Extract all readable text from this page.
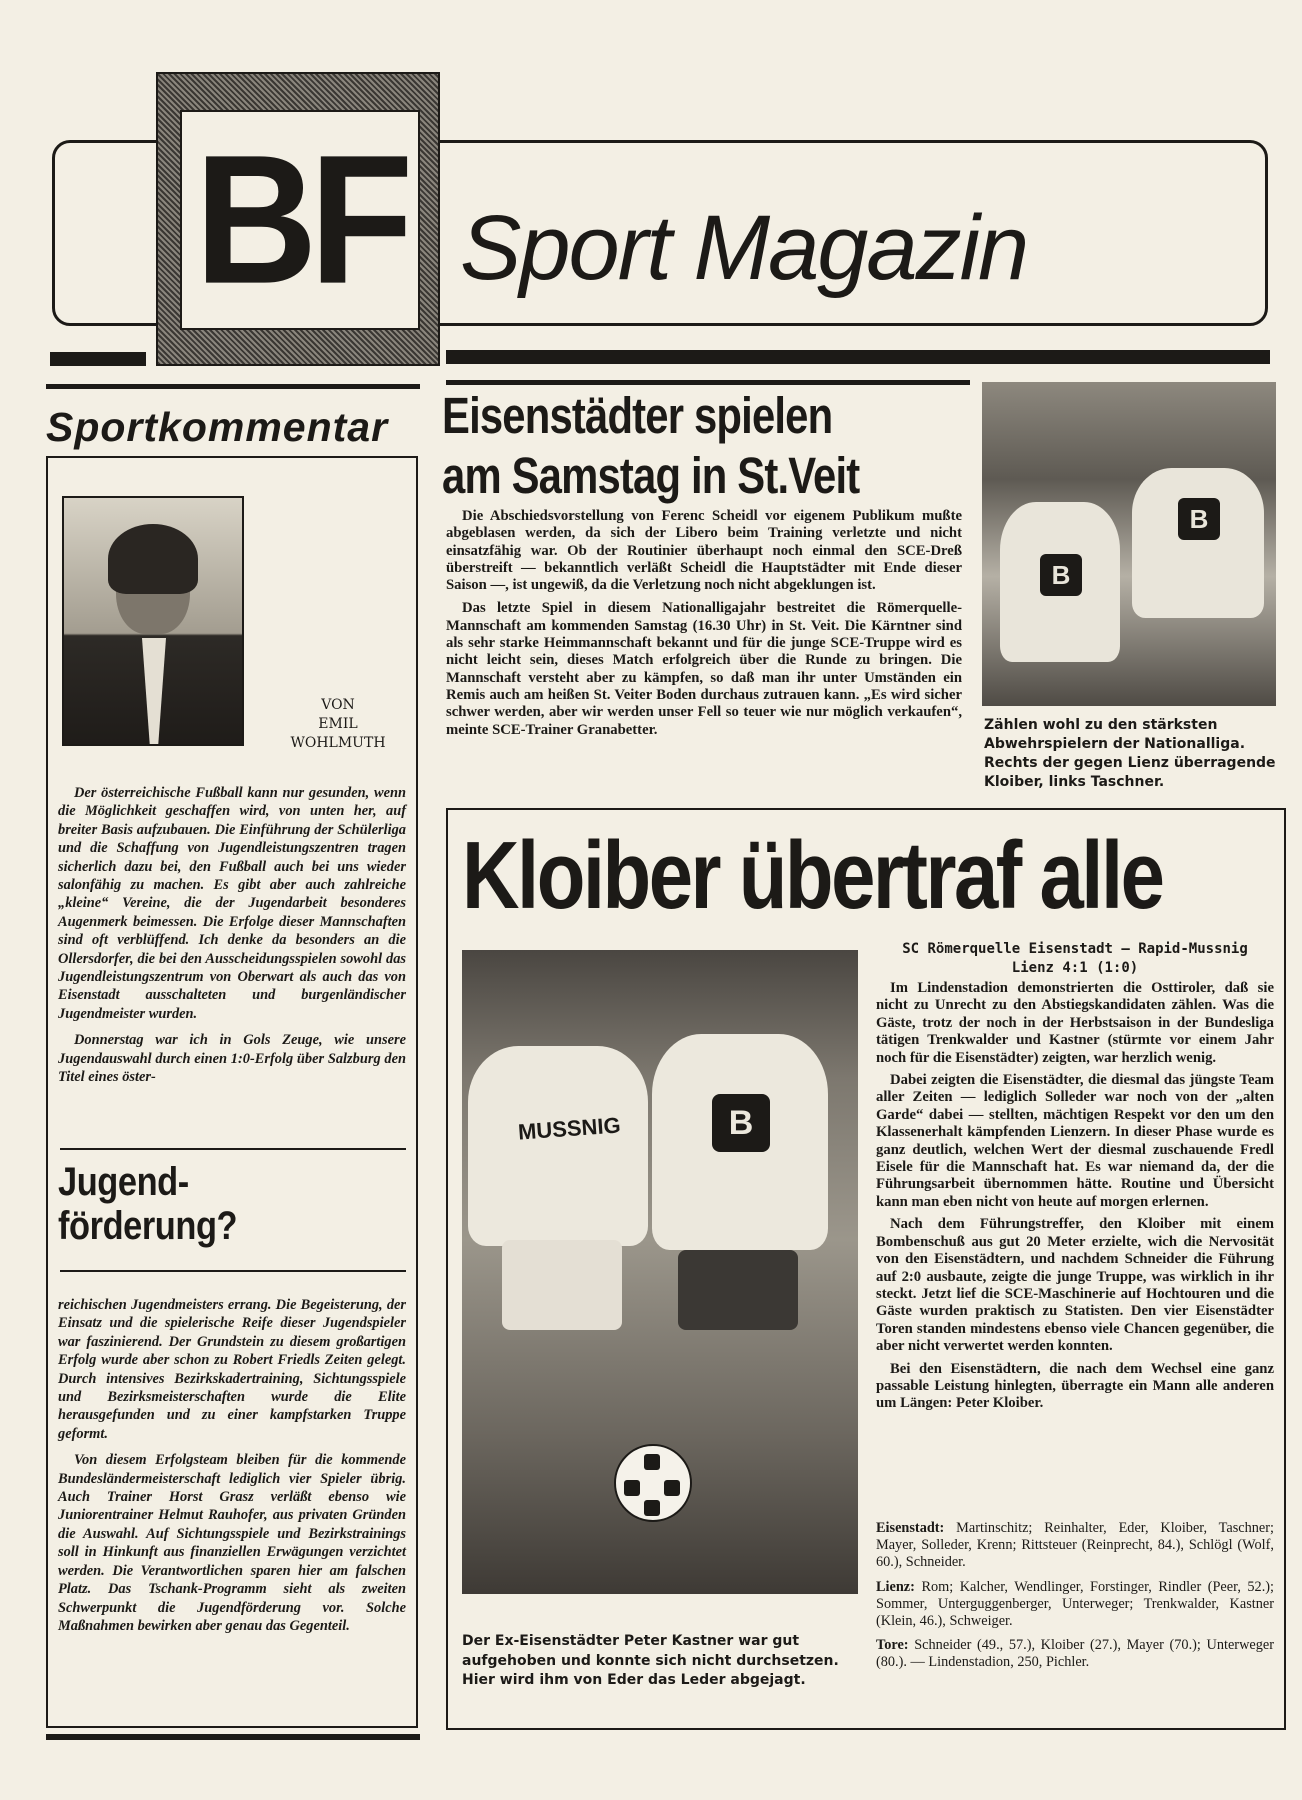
BF Sport Magazin
Sportkommentar
VON
EMIL
WOHLMUTH

Der österreichische Fußball kann nur gesunden, wenn die Möglichkeit geschaffen wird, von unten her, auf breiter Basis aufzubauen. Die Einführung der Schülerliga und die Schaffung von Jugendleistungszentren tragen sicherlich dazu bei, den Fußball auch bei uns wieder salonfähig zu machen. Es gibt aber auch zahlreiche „kleine“ Vereine, die der Jugendarbeit besonderes Augenmerk beimessen. Die Erfolge dieser Mannschaften sind oft verblüffend. Ich denke da besonders an die Ollersdorfer, die bei den Ausscheidungsspielen sowohl das Jugendleistungszentrum von Oberwart als auch das von Eisenstadt ausschalteten und burgenländischer Jugendmeister wurden.

Donnerstag war ich in Gols Zeuge, wie unsere Jugendauswahl durch einen 1:0-Erfolg über Salzburg den Titel eines öster-

Jugend-
förderung?

reichischen Jugendmeisters errang. Die Begeisterung, der Einsatz und die spielerische Reife dieser Jugendspieler war faszinierend. Der Grundstein zu diesem großartigen Erfolg wurde aber schon zu Robert Friedls Zeiten gelegt. Durch intensives Bezirkskadertraining, Sichtungsspiele und Bezirksmeisterschaften wurde die Elite herausgefunden und zu einer kampfstarken Truppe geformt.

Von diesem Erfolgsteam bleiben für die kommende Bundesländermeisterschaft lediglich vier Spieler übrig. Auch Trainer Horst Grasz verläßt ebenso wie Juniorentrainer Helmut Rauhofer, aus privaten Gründen die Auswahl. Auf Sichtungsspiele und Bezirkstrainings soll in Hinkunft aus finanziellen Erwägungen verzichtet werden. Die Verantwortlichen sparen hier am falschen Platz. Das Tschank-Programm sieht als zweiten Schwerpunkt die Jugendförderung vor. Solche Maßnahmen bewirken aber genau das Gegenteil.

Eisenstädter spielen
am Samstag in St.Veit

Die Abschiedsvorstellung von Ferenc Scheidl vor eigenem Publikum mußte abgeblasen werden, da sich der Libero beim Training verletzte und nicht einsatzfähig war. Ob der Routinier überhaupt noch einmal den SCE-Dreß überstreift — bekanntlich verläßt Scheidl die Hauptstädter mit Ende dieser Saison —, ist ungewiß, da die Verletzung noch nicht abgeklungen ist.

Das letzte Spiel in diesem Nationalligajahr bestreitet die Römerquelle-Mannschaft am kommenden Samstag (16.30 Uhr) in St. Veit. Die Kärntner sind als sehr starke Heimmannschaft bekannt und für die junge SCE-Truppe wird es nicht leicht sein, dieses Match erfolgreich über die Runde zu bringen. Die Mannschaft versteht aber zu kämpfen, so daß man ihr unter Umständen ein Remis auch am heißen St. Veiter Boden durchaus zutrauen kann. „Es wird sicher schwer werden, aber wir werden unser Fell so teuer wie nur möglich verkaufen“, meinte SCE-Trainer Granabetter.

B
B
Zählen wohl zu den stärksten Abwehrspielern der Nationalliga. Rechts der gegen Lienz überragende Kloiber, links Taschner.
Kloiber übertraf alle
MUSSNIG	B
Der Ex-Eisenstädter Peter Kastner war gut aufgehoben und konnte sich nicht durchsetzen. Hier wird ihm von Eder das Leder abgejagt.
SC Römerquelle Eisenstadt — Rapid-Mussnig
Lienz 4:1 (1:0)

Im Lindenstadion demonstrierten die Osttiroler, daß sie nicht zu Unrecht zu den Abstiegskandidaten zählen. Was die Gäste, trotz der noch in der Herbstsaison in der Bundesliga tätigen Trenkwalder und Kastner (stürmte vor einem Jahr noch für die Eisenstädter) zeigten, war herzlich wenig.

Dabei zeigten die Eisenstädter, die diesmal das jüngste Team aller Zeiten — lediglich Solleder war noch von der „alten Garde“ dabei — stellten, mächtigen Respekt vor den um den Klassenerhalt kämpfenden Lienzern. In dieser Phase wurde es ganz deutlich, welchen Wert der diesmal zuschauende Fredl Eisele für die Mannschaft hat. Es war niemand da, der die Führungsarbeit übernommen hätte. Routine und Übersicht kann man eben nicht von heute auf morgen erlernen.

Nach dem Führungstreffer, den Kloiber mit einem Bombenschuß aus gut 20 Meter erzielte, wich die Nervosität von den Eisenstädtern, und nachdem Schneider die Führung auf 2:0 ausbaute, zeigte die junge Truppe, was wirklich in ihr steckt. Jetzt lief die SCE-Maschinerie auf Hochtouren und die Gäste wurden praktisch zu Statisten. Den vier Eisenstädter Toren standen mindestens ebenso viele Chancen gegenüber, die aber nicht verwertet werden konnten.

Bei den Eisenstädtern, die nach dem Wechsel eine ganz passable Leistung hinlegten, überragte ein Mann alle anderen um Längen: Peter Kloiber.

Eisenstadt: Martinschitz; Reinhalter, Eder, Kloiber, Taschner; Mayer, Solleder, Krenn; Rittsteuer (Reinprecht, 84.), Schlögl (Wolf, 60.), Schneider.

Lienz: Rom; Kalcher, Wendlinger, Forstinger, Rindler (Peer, 52.); Sommer, Unterguggenberger, Unterweger; Trenkwalder, Kastner (Klein, 46.), Schweiger.

Tore: Schneider (49., 57.), Kloiber (27.), Mayer (70.); Unterweger (80.). — Lindenstadion, 250, Pichler.
